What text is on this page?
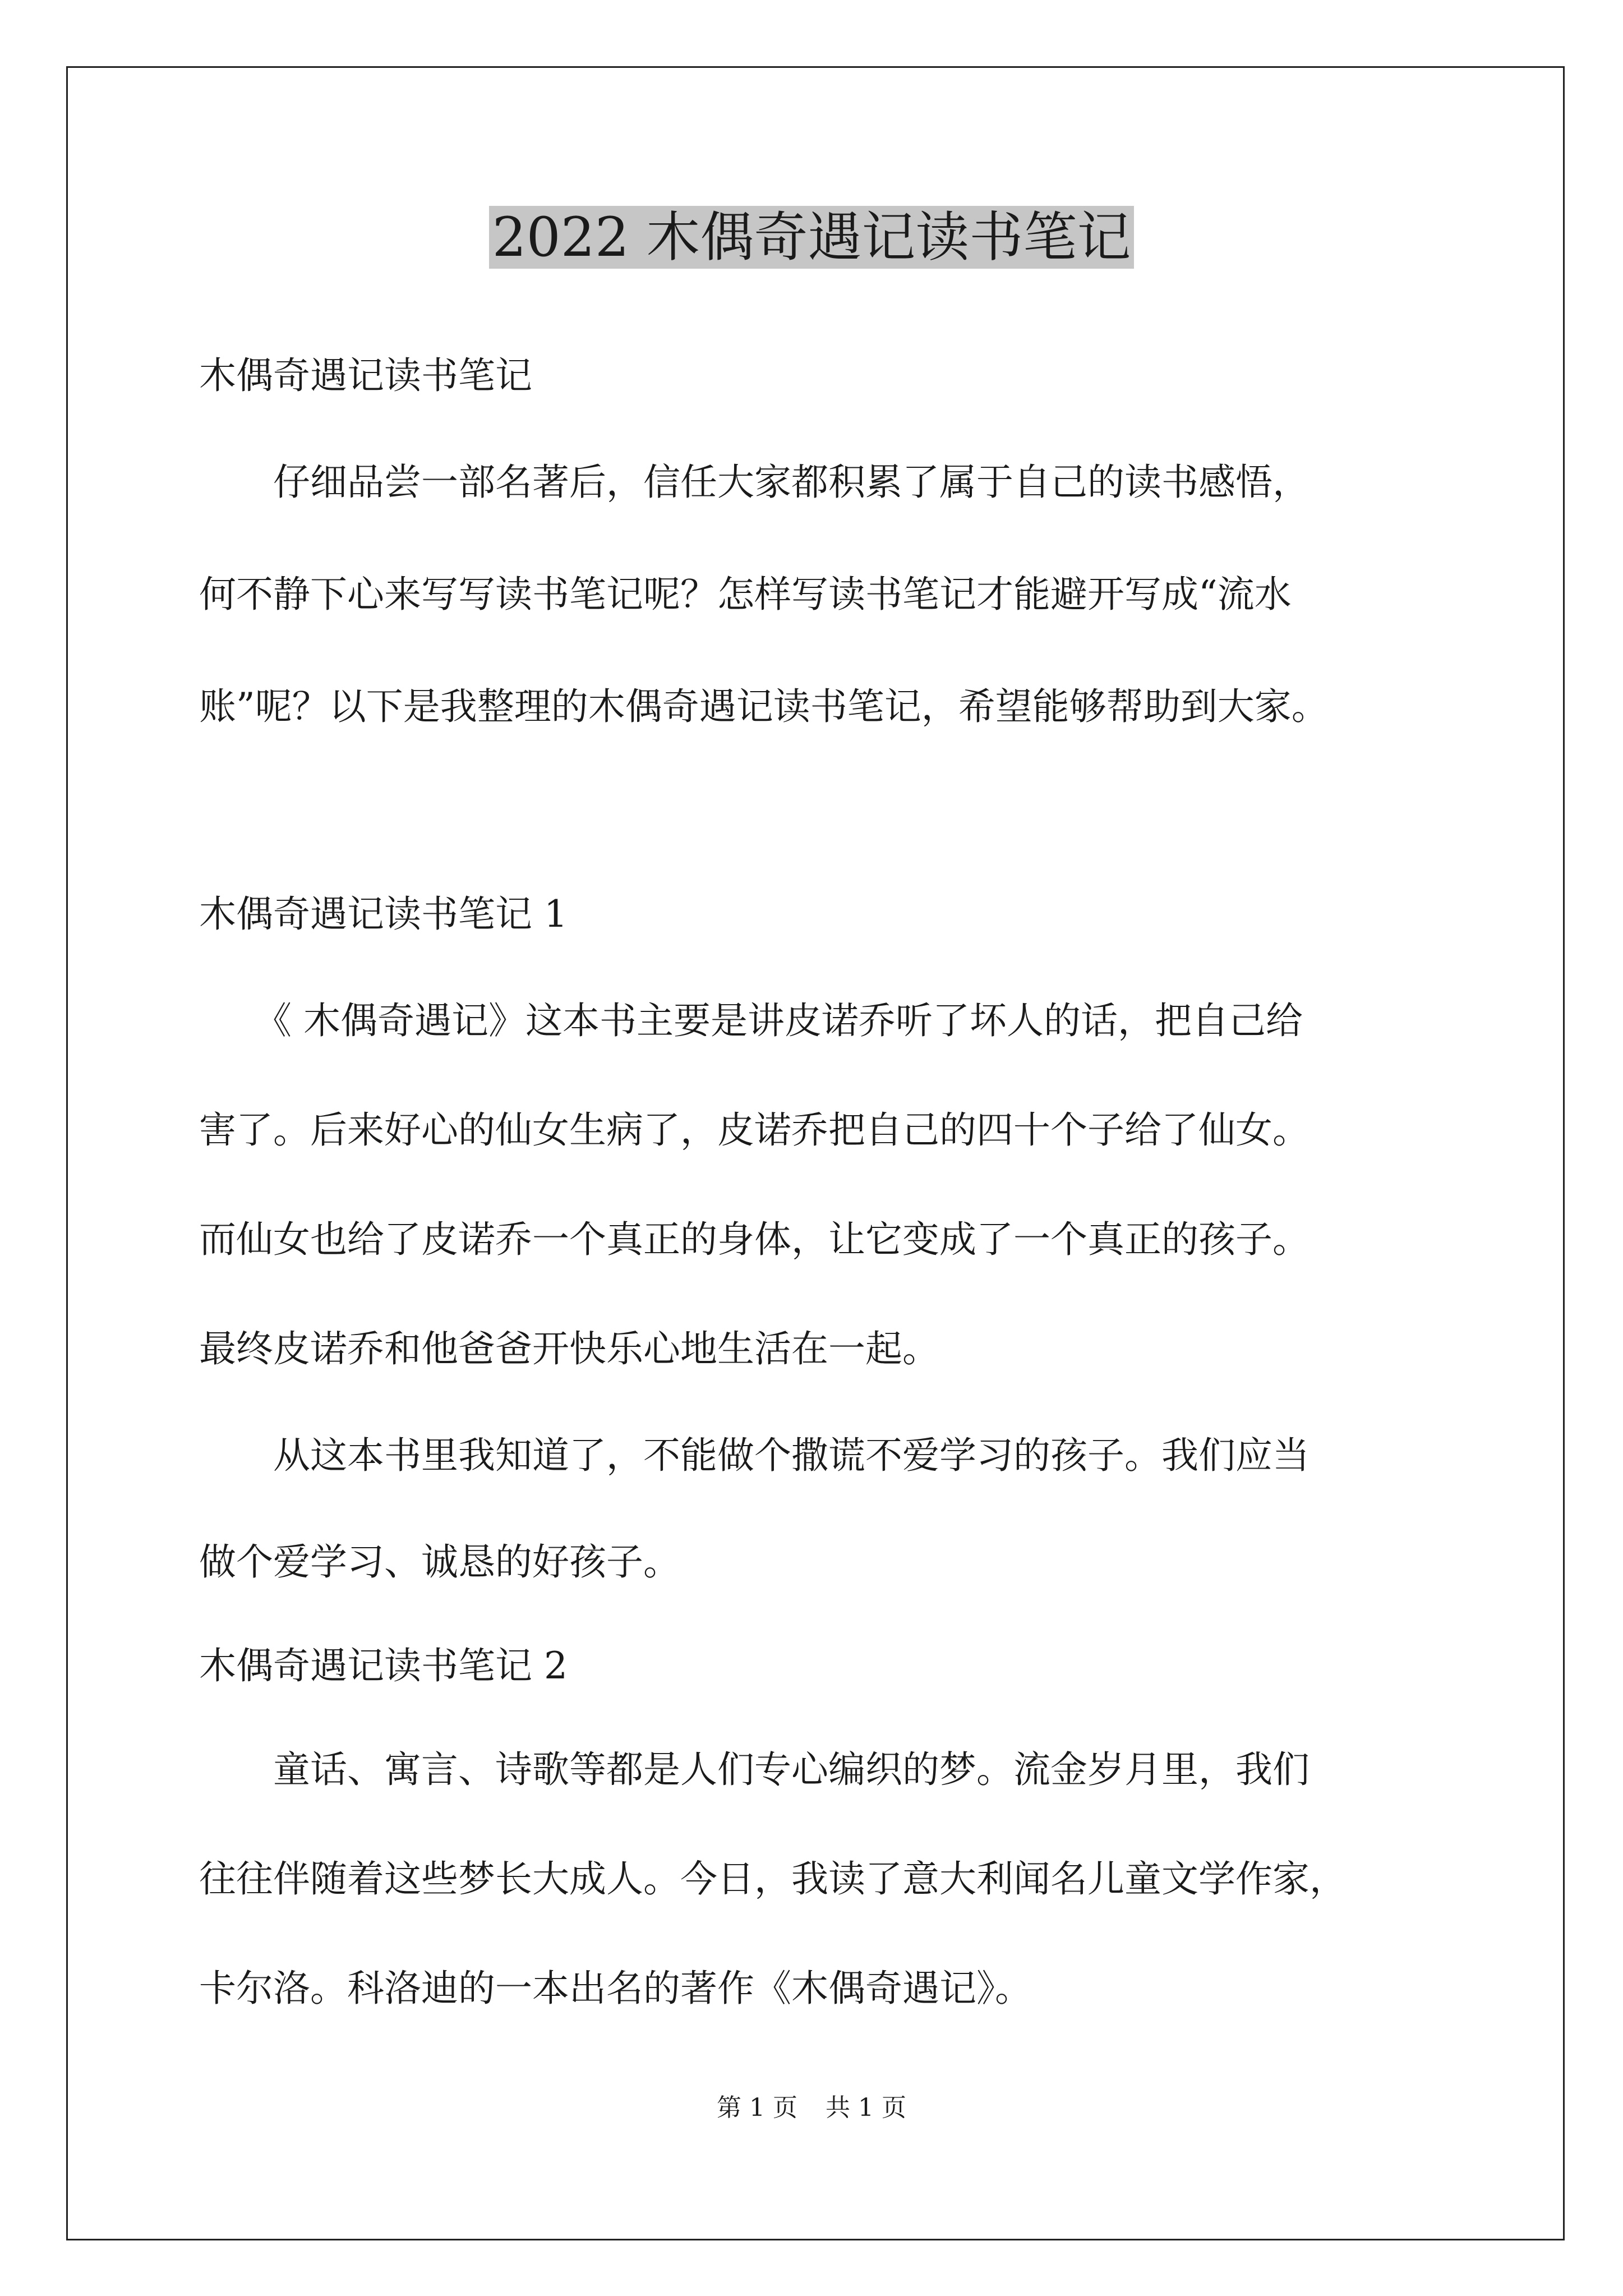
2022 木偶奇遇记读书笔记

木偶奇遇记读书笔记

　　仔细品尝一部名著后，信任大家都积累了属于自己的读书感悟，

何不静下心来写写读书笔记呢？怎样写读书笔记才能避开写成“流水

账”呢？以下是我整理的木偶奇遇记读书笔记，希望能够帮助到大家。

木偶奇遇记读书笔记 1

　　《 木偶奇遇记》这本书主要是讲皮诺乔听了坏人的话，把自己给

害了。后来好心的仙女生病了，皮诺乔把自己的四十个子给了仙女。

而仙女也给了皮诺乔一个真正的身体，让它变成了一个真正的孩子。

最终皮诺乔和他爸爸开快乐心地生活在一起。

　　从这本书里我知道了，不能做个撒谎不爱学习的孩子。我们应当

做个爱学习、诚恳的好孩子。

木偶奇遇记读书笔记 2

　　童话、寓言、诗歌等都是人们专心编织的梦。流金岁月里，我们

往往伴随着这些梦长大成人。今日，我读了意大利闻名儿童文学作家，

卡尔洛。科洛迪的一本出名的著作《木偶奇遇记》。

第 1 页 共 1 页
